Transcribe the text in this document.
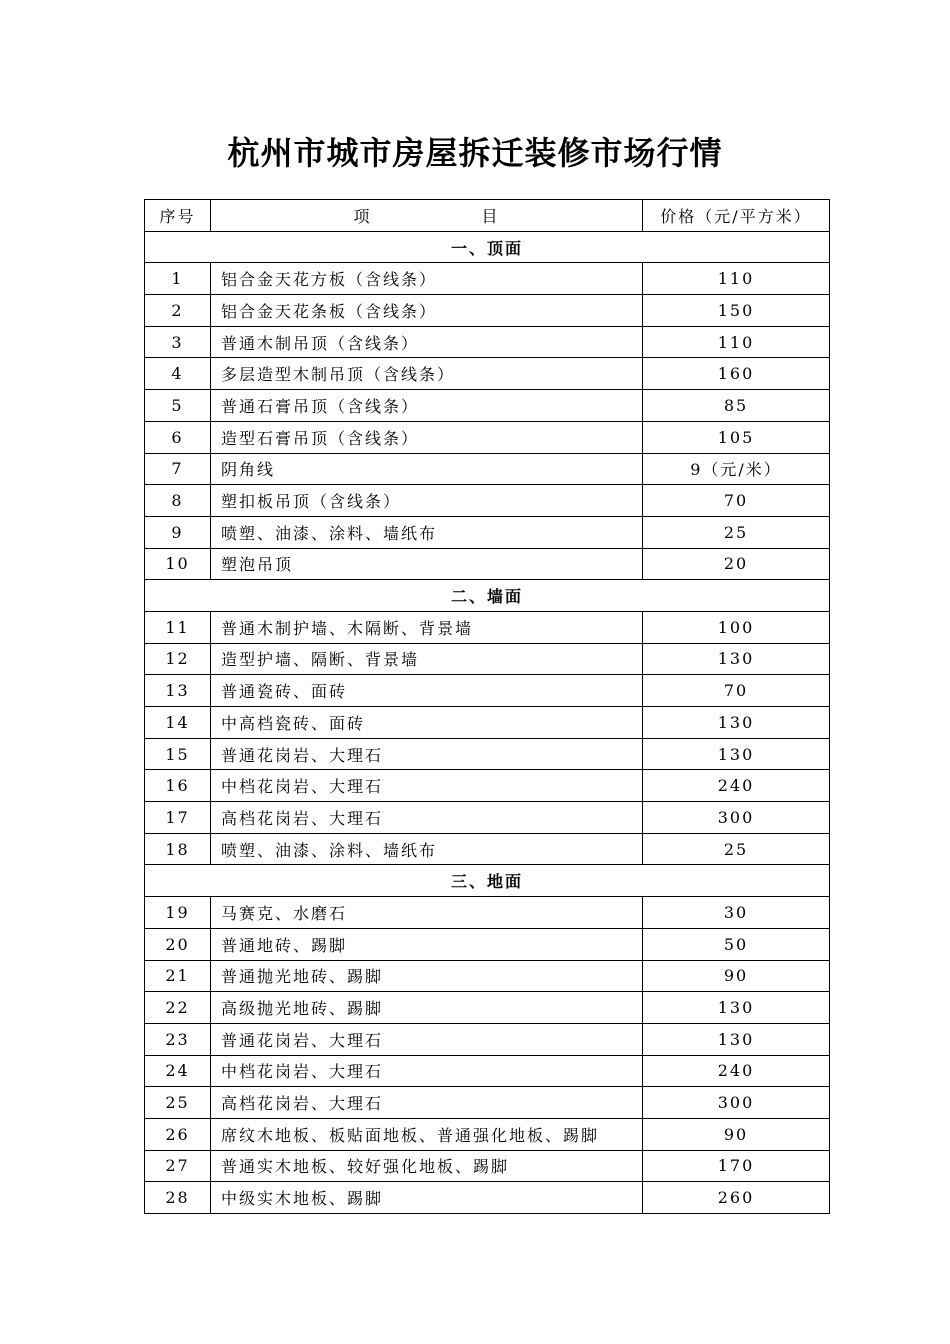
杭州市城市房屋拆迁装修市场行情
序号	项 目	价格（元/平方米）
一、顶面		
1	铝合金天花方板（含线条）	110
2	铝合金天花条板（含线条）	150
3	普通木制吊顶（含线条）	110
4	多层造型木制吊顶（含线条）	160
5	普通石膏吊顶（含线条）	85
6	造型石膏吊顶（含线条）	105
7	阴角线	9（元/米）
8	塑扣板吊顶（含线条）	70
9	喷塑、油漆、涂料、墙纸布	25
10	塑泡吊顶	20
二、墙面		
11	普通木制护墙、木隔断、背景墙	100
12	造型护墙、隔断、背景墙	130
13	普通瓷砖、面砖	70
14	中高档瓷砖、面砖	130
15	普通花岗岩、大理石	130
16	中档花岗岩、大理石	240
17	高档花岗岩、大理石	300
18	喷塑、油漆、涂料、墙纸布	25
三、地面		
19	马赛克、水磨石	30
20	普通地砖、踢脚	50
21	普通抛光地砖、踢脚	90
22	高级抛光地砖、踢脚	130
23	普通花岗岩、大理石	130
24	中档花岗岩、大理石	240
25	高档花岗岩、大理石	300
26	席纹木地板、板贴面地板、普通强化地板、踢脚	90
27	普通实木地板、较好强化地板、踢脚	170
28	中级实木地板、踢脚	260
